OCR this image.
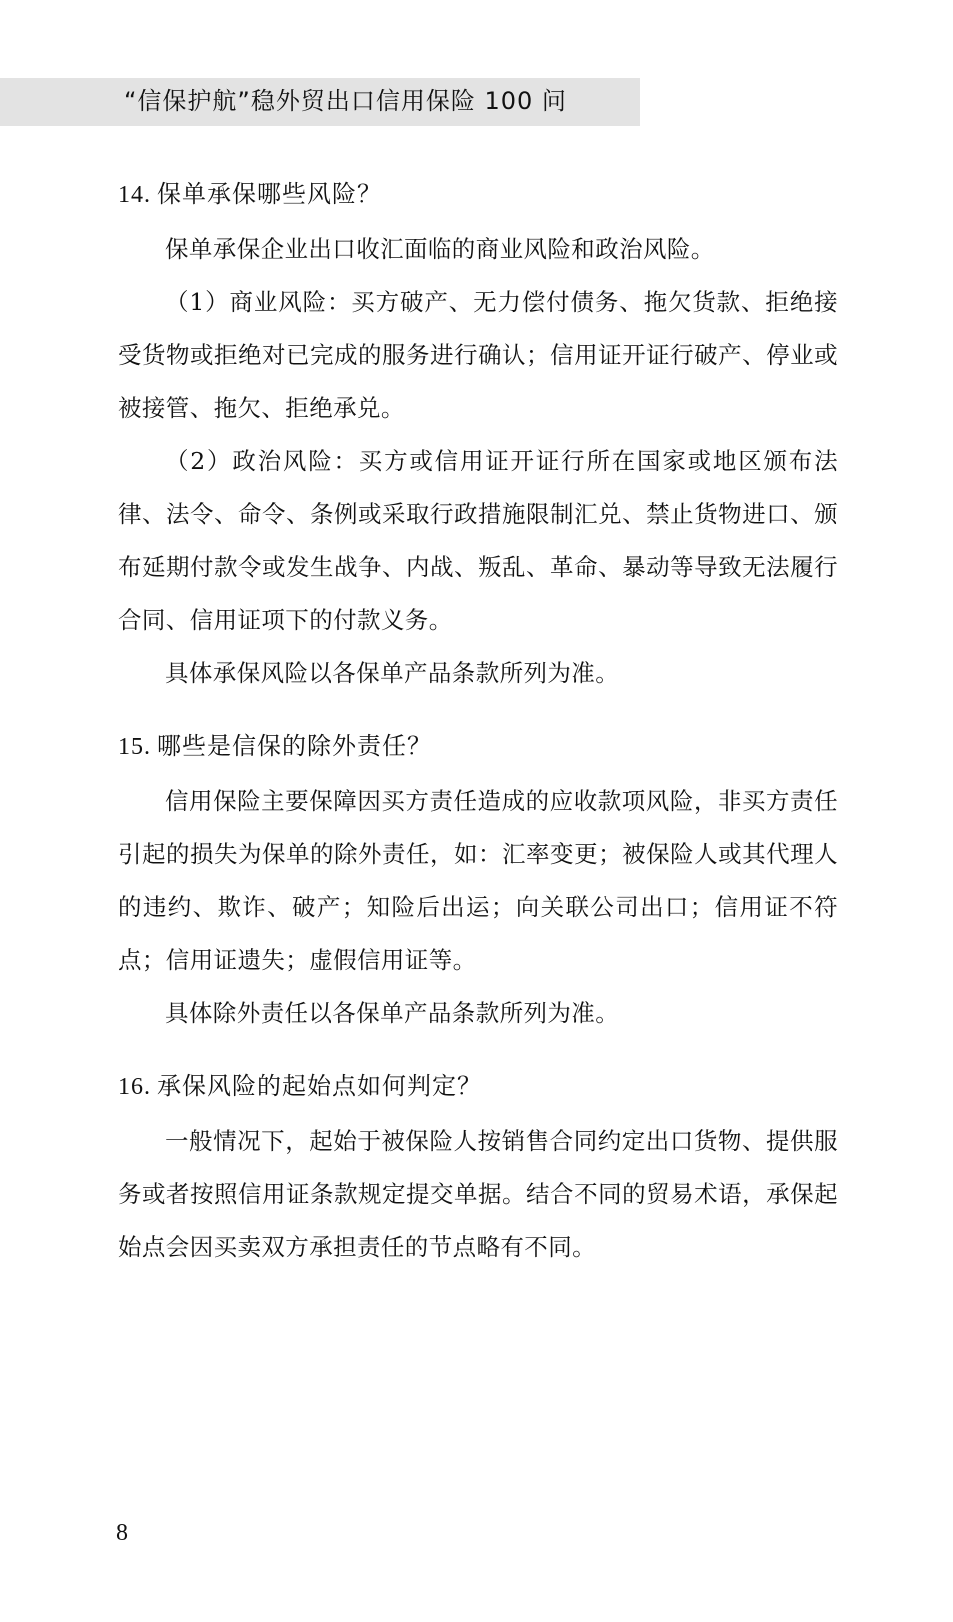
“信保护航”稳外贸出口信用保险 100 问
14. 保单承保哪些风险？

保单承保企业出口收汇面临的商业风险和政治风险。

（1）商业风险：买方破产、无力偿付债务、拖欠货款、拒绝接受货物或拒绝对已完成的服务进行确认；信用证开证行破产、停业或被接管、拖欠、拒绝承兑。

（2）政治风险：买方或信用证开证行所在国家或地区颁布法律、法令、命令、条例或采取行政措施限制汇兑、禁止货物进口、颁布延期付款令或发生战争、内战、叛乱、革命、暴动等导致无法履行合同、信用证项下的付款义务。

具体承保风险以各保单产品条款所列为准。

15. 哪些是信保的除外责任？

信用保险主要保障因买方责任造成的应收款项风险，非买方责任引起的损失为保单的除外责任，如：汇率变更；被保险人或其代理人的违约、欺诈、破产；知险后出运；向关联公司出口；信用证不符点；信用证遗失；虚假信用证等。

具体除外责任以各保单产品条款所列为准。

16. 承保风险的起始点如何判定？

一般情况下，起始于被保险人按销售合同约定出口货物、提供服务或者按照信用证条款规定提交单据。结合不同的贸易术语，承保起始点会因买卖双方承担责任的节点略有不同。

8
